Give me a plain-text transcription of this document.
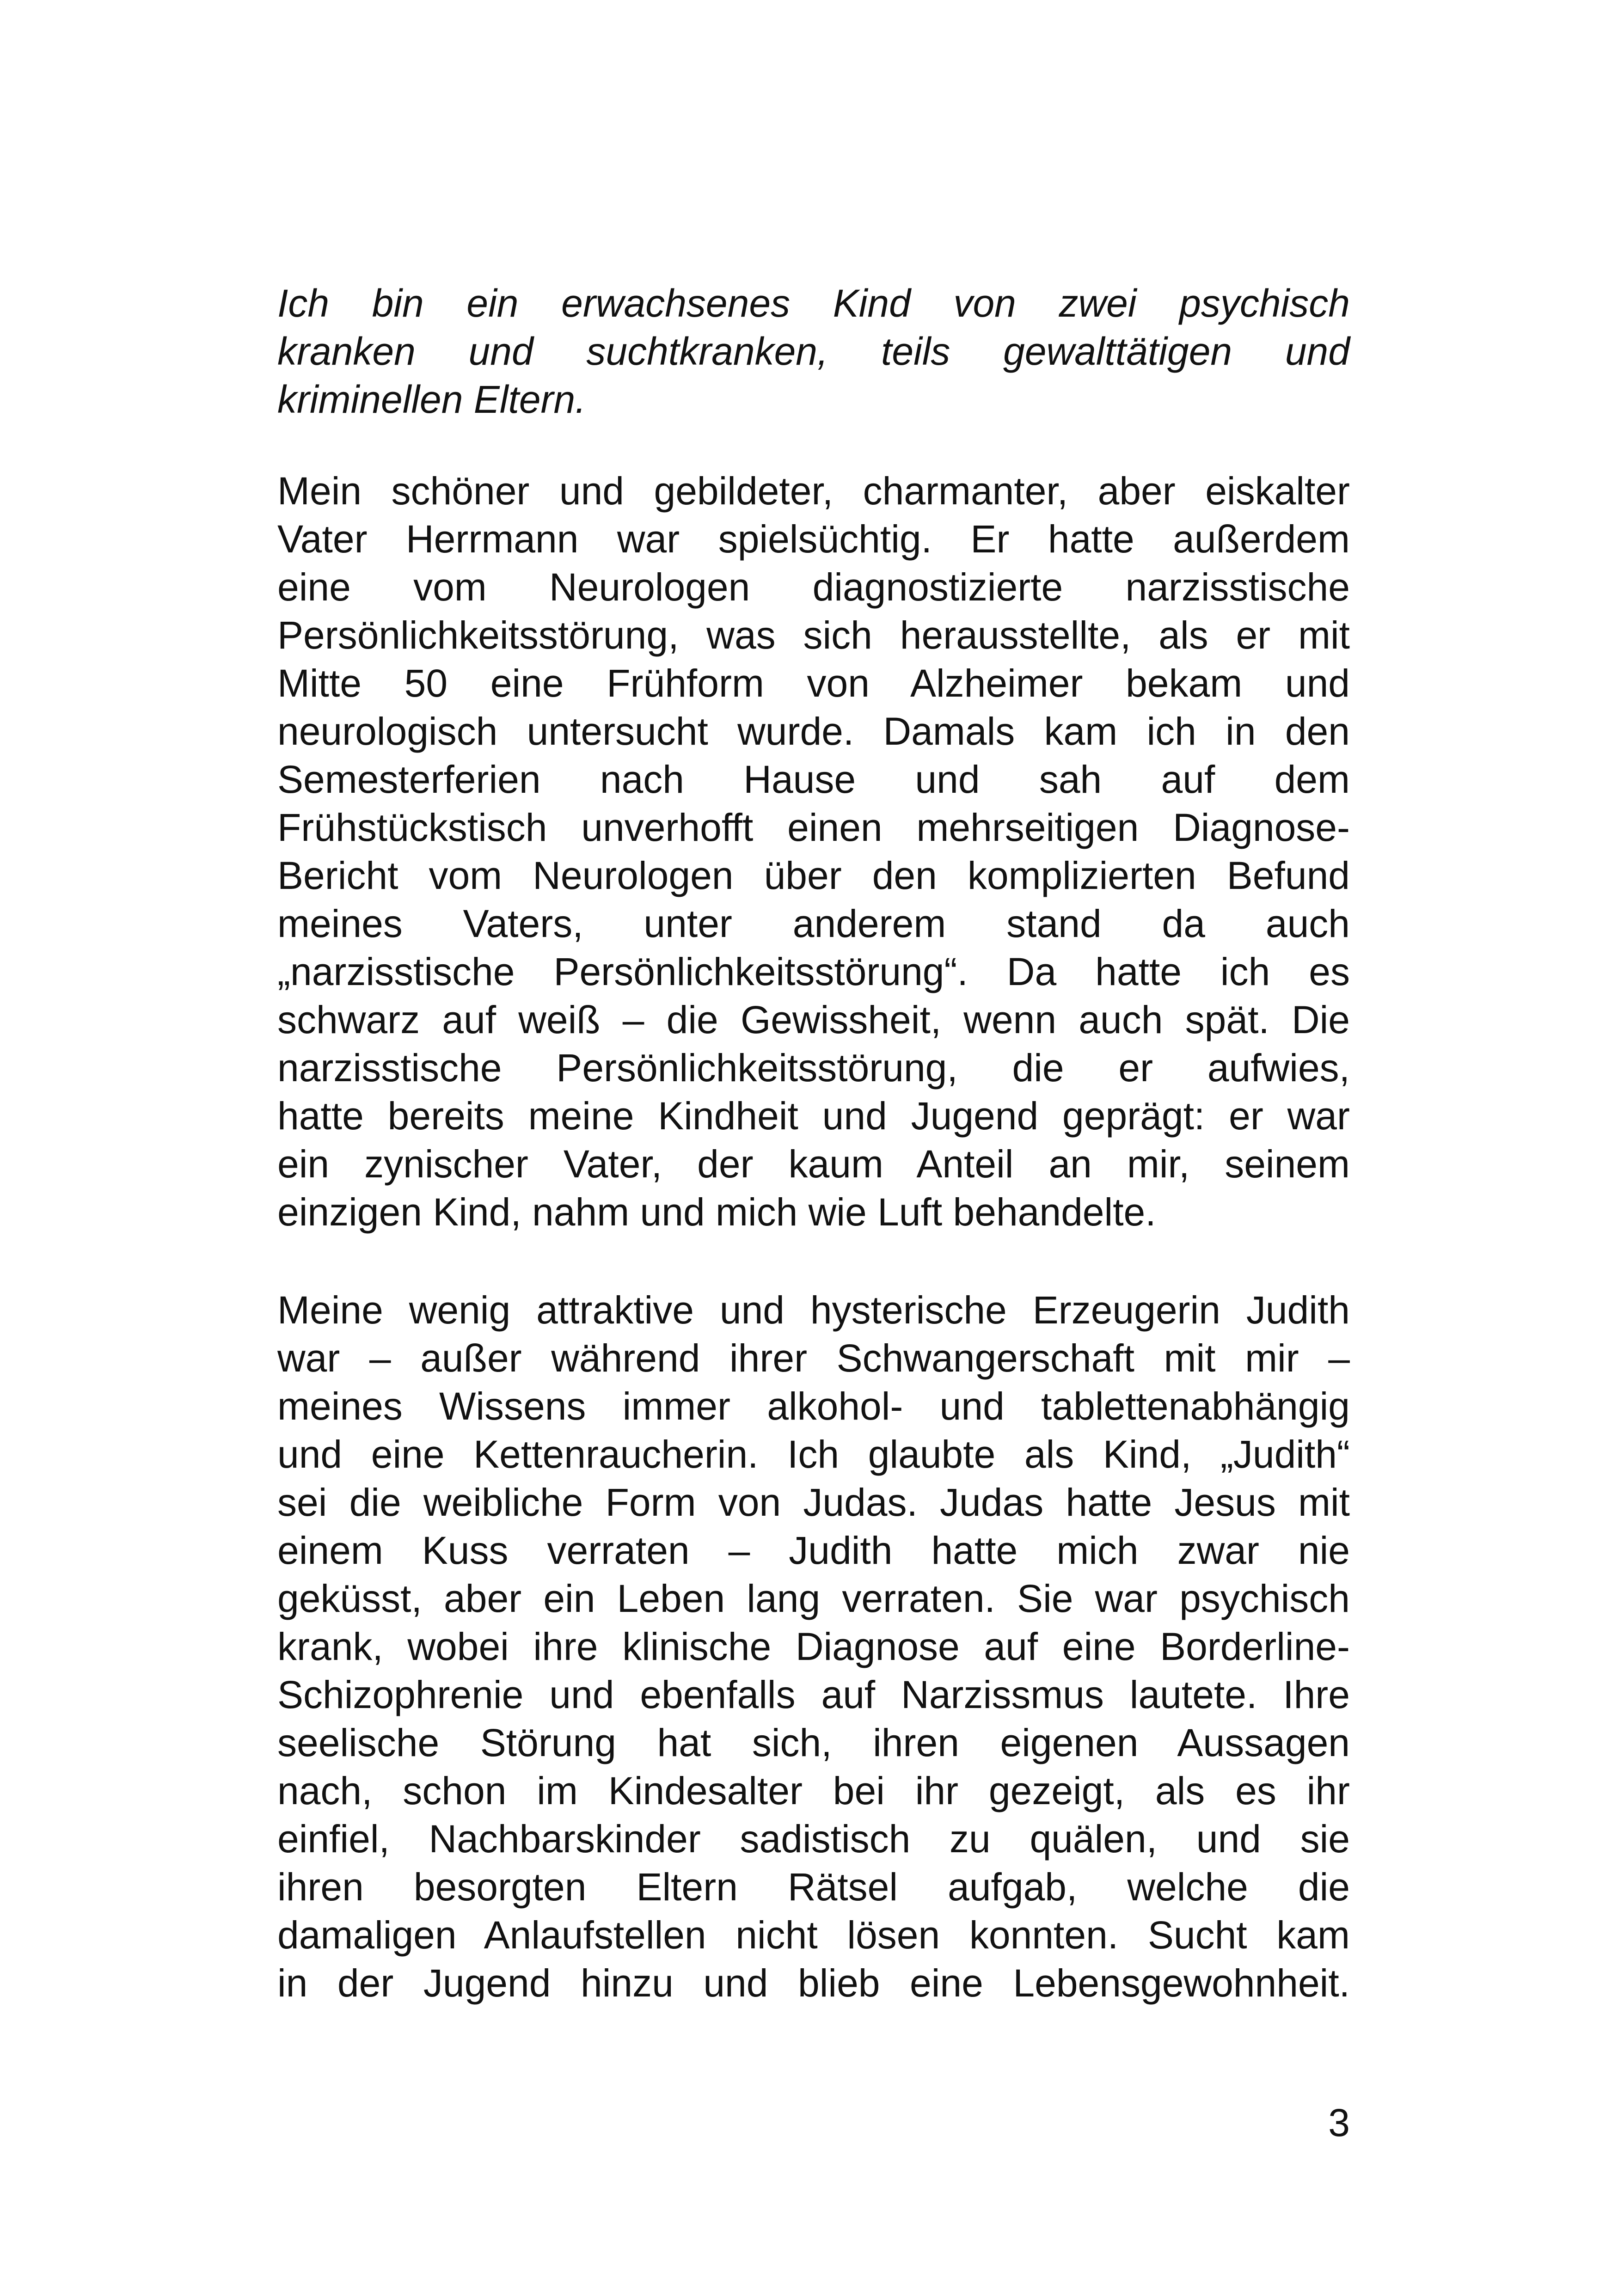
Ich bin ein erwachsenes Kind von zwei psychisch
kranken und suchtkranken, teils gewalttätigen und
kriminellen Eltern.
Mein schöner und gebildeter, charmanter, aber eiskalter
Vater Herrmann war spielsüchtig. Er hatte außerdem
eine vom Neurologen diagnostizierte narzisstische
Persönlichkeitsstörung, was sich herausstellte, als er mit
Mitte 50 eine Frühform von Alzheimer bekam und
neurologisch untersucht wurde. Damals kam ich in den
Semesterferien nach Hause und sah auf dem
Frühstückstisch unverhofft einen mehrseitigen Diagnose-
Bericht vom Neurologen über den komplizierten Befund
meines Vaters, unter anderem stand da auch
„narzisstische Persönlichkeitsstörung“. Da hatte ich es
schwarz auf weiß – die Gewissheit, wenn auch spät. Die
narzisstische Persönlichkeitsstörung, die er aufwies,
hatte bereits meine Kindheit und Jugend geprägt: er war
ein zynischer Vater, der kaum Anteil an mir, seinem
einzigen Kind, nahm und mich wie Luft behandelte.
Meine wenig attraktive und hysterische Erzeugerin Judith
war – außer während ihrer Schwangerschaft mit mir –
meines Wissens immer alkohol- und tablettenabhängig
und eine Kettenraucherin. Ich glaubte als Kind, „Judith“
sei die weibliche Form von Judas. Judas hatte Jesus mit
einem Kuss verraten – Judith hatte mich zwar nie
geküsst, aber ein Leben lang verraten. Sie war psychisch
krank, wobei ihre klinische Diagnose auf eine Borderline-
Schizophrenie und ebenfalls auf Narzissmus lautete. Ihre
seelische Störung hat sich, ihren eigenen Aussagen
nach, schon im Kindesalter bei ihr gezeigt, als es ihr
einfiel, Nachbarskinder sadistisch zu quälen, und sie
ihren besorgten Eltern Rätsel aufgab, welche die
damaligen Anlaufstellen nicht lösen konnten. Sucht kam
in der Jugend hinzu und blieb eine Lebensgewohnheit.
3
